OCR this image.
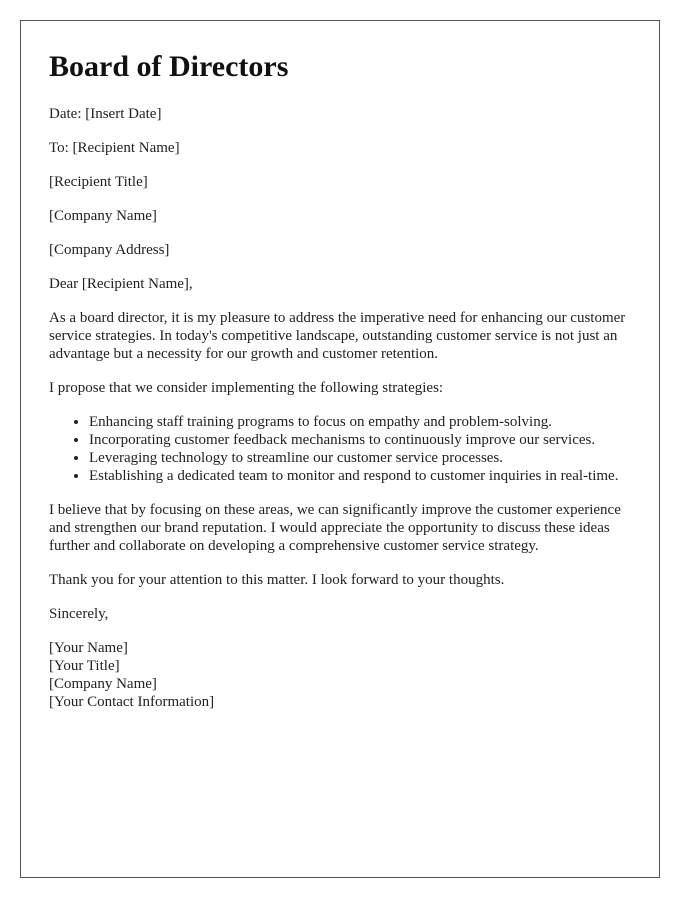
Board of Directors

Date: [Insert Date]

To: [Recipient Name]

[Recipient Title]

[Company Name]

[Company Address]

Dear [Recipient Name],

As a board director, it is my pleasure to address the imperative need for enhancing our customer service strategies. In today's competitive landscape, outstanding customer service is not just an advantage but a necessity for our growth and customer retention.

I propose that we consider implementing the following strategies:

• Enhancing staff training programs to focus on empathy and problem-solving.
• Incorporating customer feedback mechanisms to continuously improve our services.
• Leveraging technology to streamline our customer service processes.
• Establishing a dedicated team to monitor and respond to customer inquiries in real-time.

I believe that by focusing on these areas, we can significantly improve the customer experience and strengthen our brand reputation. I would appreciate the opportunity to discuss these ideas further and collaborate on developing a comprehensive customer service strategy.

Thank you for your attention to this matter. I look forward to your thoughts.

Sincerely,

[Your Name]
[Your Title]
[Company Name]
[Your Contact Information]
